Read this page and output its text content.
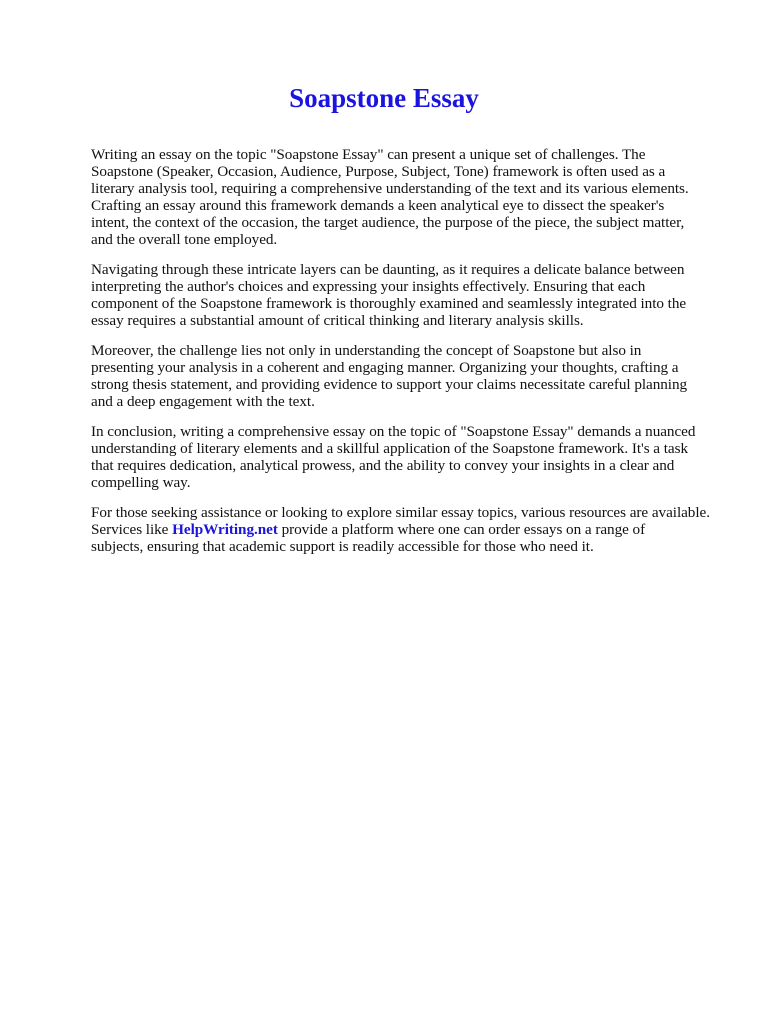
Soapstone Essay

Writing an essay on the topic "Soapstone Essay" can present a unique set of challenges. The
Soapstone (Speaker, Occasion, Audience, Purpose, Subject, Tone) framework is often used as a
literary analysis tool, requiring a comprehensive understanding of the text and its various elements.
Crafting an essay around this framework demands a keen analytical eye to dissect the speaker's
intent, the context of the occasion, the target audience, the purpose of the piece, the subject matter,
and the overall tone employed.

Navigating through these intricate layers can be daunting, as it requires a delicate balance between
interpreting the author's choices and expressing your insights effectively. Ensuring that each
component of the Soapstone framework is thoroughly examined and seamlessly integrated into the
essay requires a substantial amount of critical thinking and literary analysis skills.

Moreover, the challenge lies not only in understanding the concept of Soapstone but also in
presenting your analysis in a coherent and engaging manner. Organizing your thoughts, crafting a
strong thesis statement, and providing evidence to support your claims necessitate careful planning
and a deep engagement with the text.

In conclusion, writing a comprehensive essay on the topic of "Soapstone Essay" demands a nuanced
understanding of literary elements and a skillful application of the Soapstone framework. It's a task
that requires dedication, analytical prowess, and the ability to convey your insights in a clear and
compelling way.

For those seeking assistance or looking to explore similar essay topics, various resources are available.
Services like HelpWriting.net provide a platform where one can order essays on a range of
subjects, ensuring that academic support is readily accessible for those who need it.
